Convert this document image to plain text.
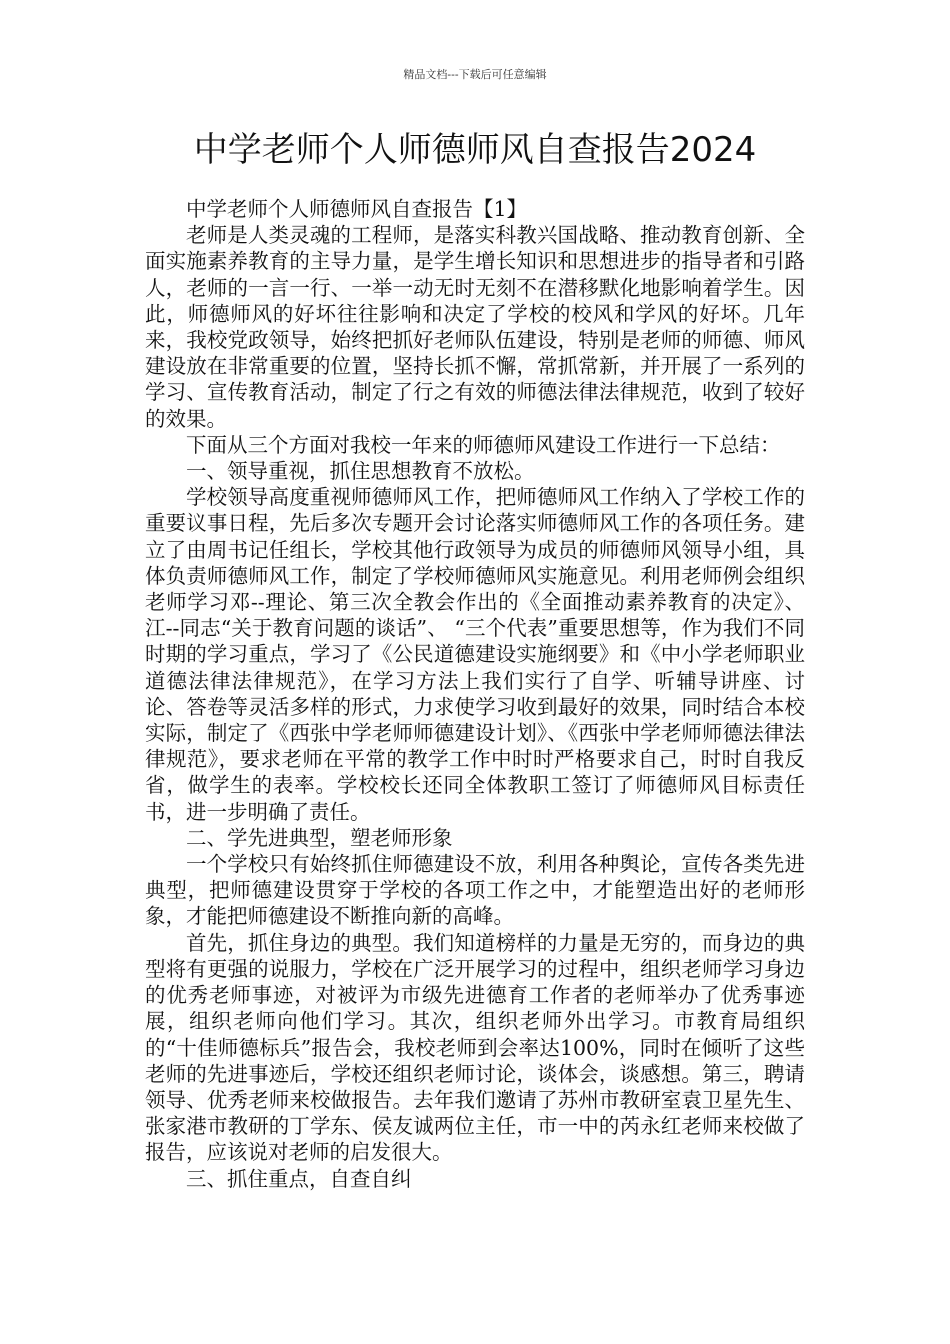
精品文档---下载后可任意编辑
中学老师个人师德师风自查报告2024

中学老师个人师德师风自查报告【1】

老师是人类灵魂的工程师，是落实科教兴国战略、推动教育创新、全面实施素养教育的主导力量，是学生增长知识和思想进步的指导者和引路人，老师的一言一行、一举一动无时无刻不在潜移默化地影响着学生。因此，师德师风的好坏往往影响和决定了学校的校风和学风的好坏。几年来，我校党政领导，始终把抓好老师队伍建设，特别是老师的师德、师风建设放在非常重要的位置，坚持长抓不懈，常抓常新，并开展了一系列的学习、宣传教育活动，制定了行之有效的师德法律法律规范，收到了较好的效果。

下面从三个方面对我校一年来的师德师风建设工作进行一下总结：

一、领导重视，抓住思想教育不放松。

学校领导高度重视师德师风工作，把师德师风工作纳入了学校工作的重要议事日程，先后多次专题开会讨论落实师德师风工作的各项任务。建立了由周书记任组长，学校其他行政领导为成员的师德师风领导小组，具体负责师德师风工作，制定了学校师德师风实施意见。利用老师例会组织老师学习邓--理论、第三次全教会作出的《全面推动素养教育的决定》、江--同志“关于教育问题的谈话”、 “三个代表”重要思想等，作为我们不同时期的学习重点，学习了《公民道德建设实施纲要》和《中小学老师职业道德法律法律规范》，在学习方法上我们实行了自学、听辅导讲座、讨论、答卷等灵活多样的形式，力求使学习收到最好的效果，同时结合本校实际，制定了《西张中学老师师德建设计划》、《西张中学老师师德法律法律规范》，要求老师在平常的教学工作中时时严格要求自己，时时自我反省，做学生的表率。学校校长还同全体教职工签订了师德师风目标责任书，进一步明确了责任。

二、学先进典型，塑老师形象

一个学校只有始终抓住师德建设不放，利用各种舆论，宣传各类先进典型，把师德建设贯穿于学校的各项工作之中，才能塑造出好的老师形象，才能把师德建设不断推向新的高峰。

首先，抓住身边的典型。我们知道榜样的力量是无穷的，而身边的典型将有更强的说服力，学校在广泛开展学习的过程中，组织老师学习身边的优秀老师事迹，对被评为市级先进德育工作者的老师举办了优秀事迹展，组织老师向他们学习。其次，组织老师外出学习。市教育局组织的“十佳师德标兵”报告会，我校老师到会率达100%，同时在倾听了这些老师的先进事迹后，学校还组织老师讨论，谈体会，谈感想。第三，聘请领导、优秀老师来校做报告。去年我们邀请了苏州市教研室袁卫星先生、张家港市教研的丁学东、侯友诚两位主任，市一中的芮永红老师来校做了报告，应该说对老师的启发很大。

三、抓住重点，自查自纠
